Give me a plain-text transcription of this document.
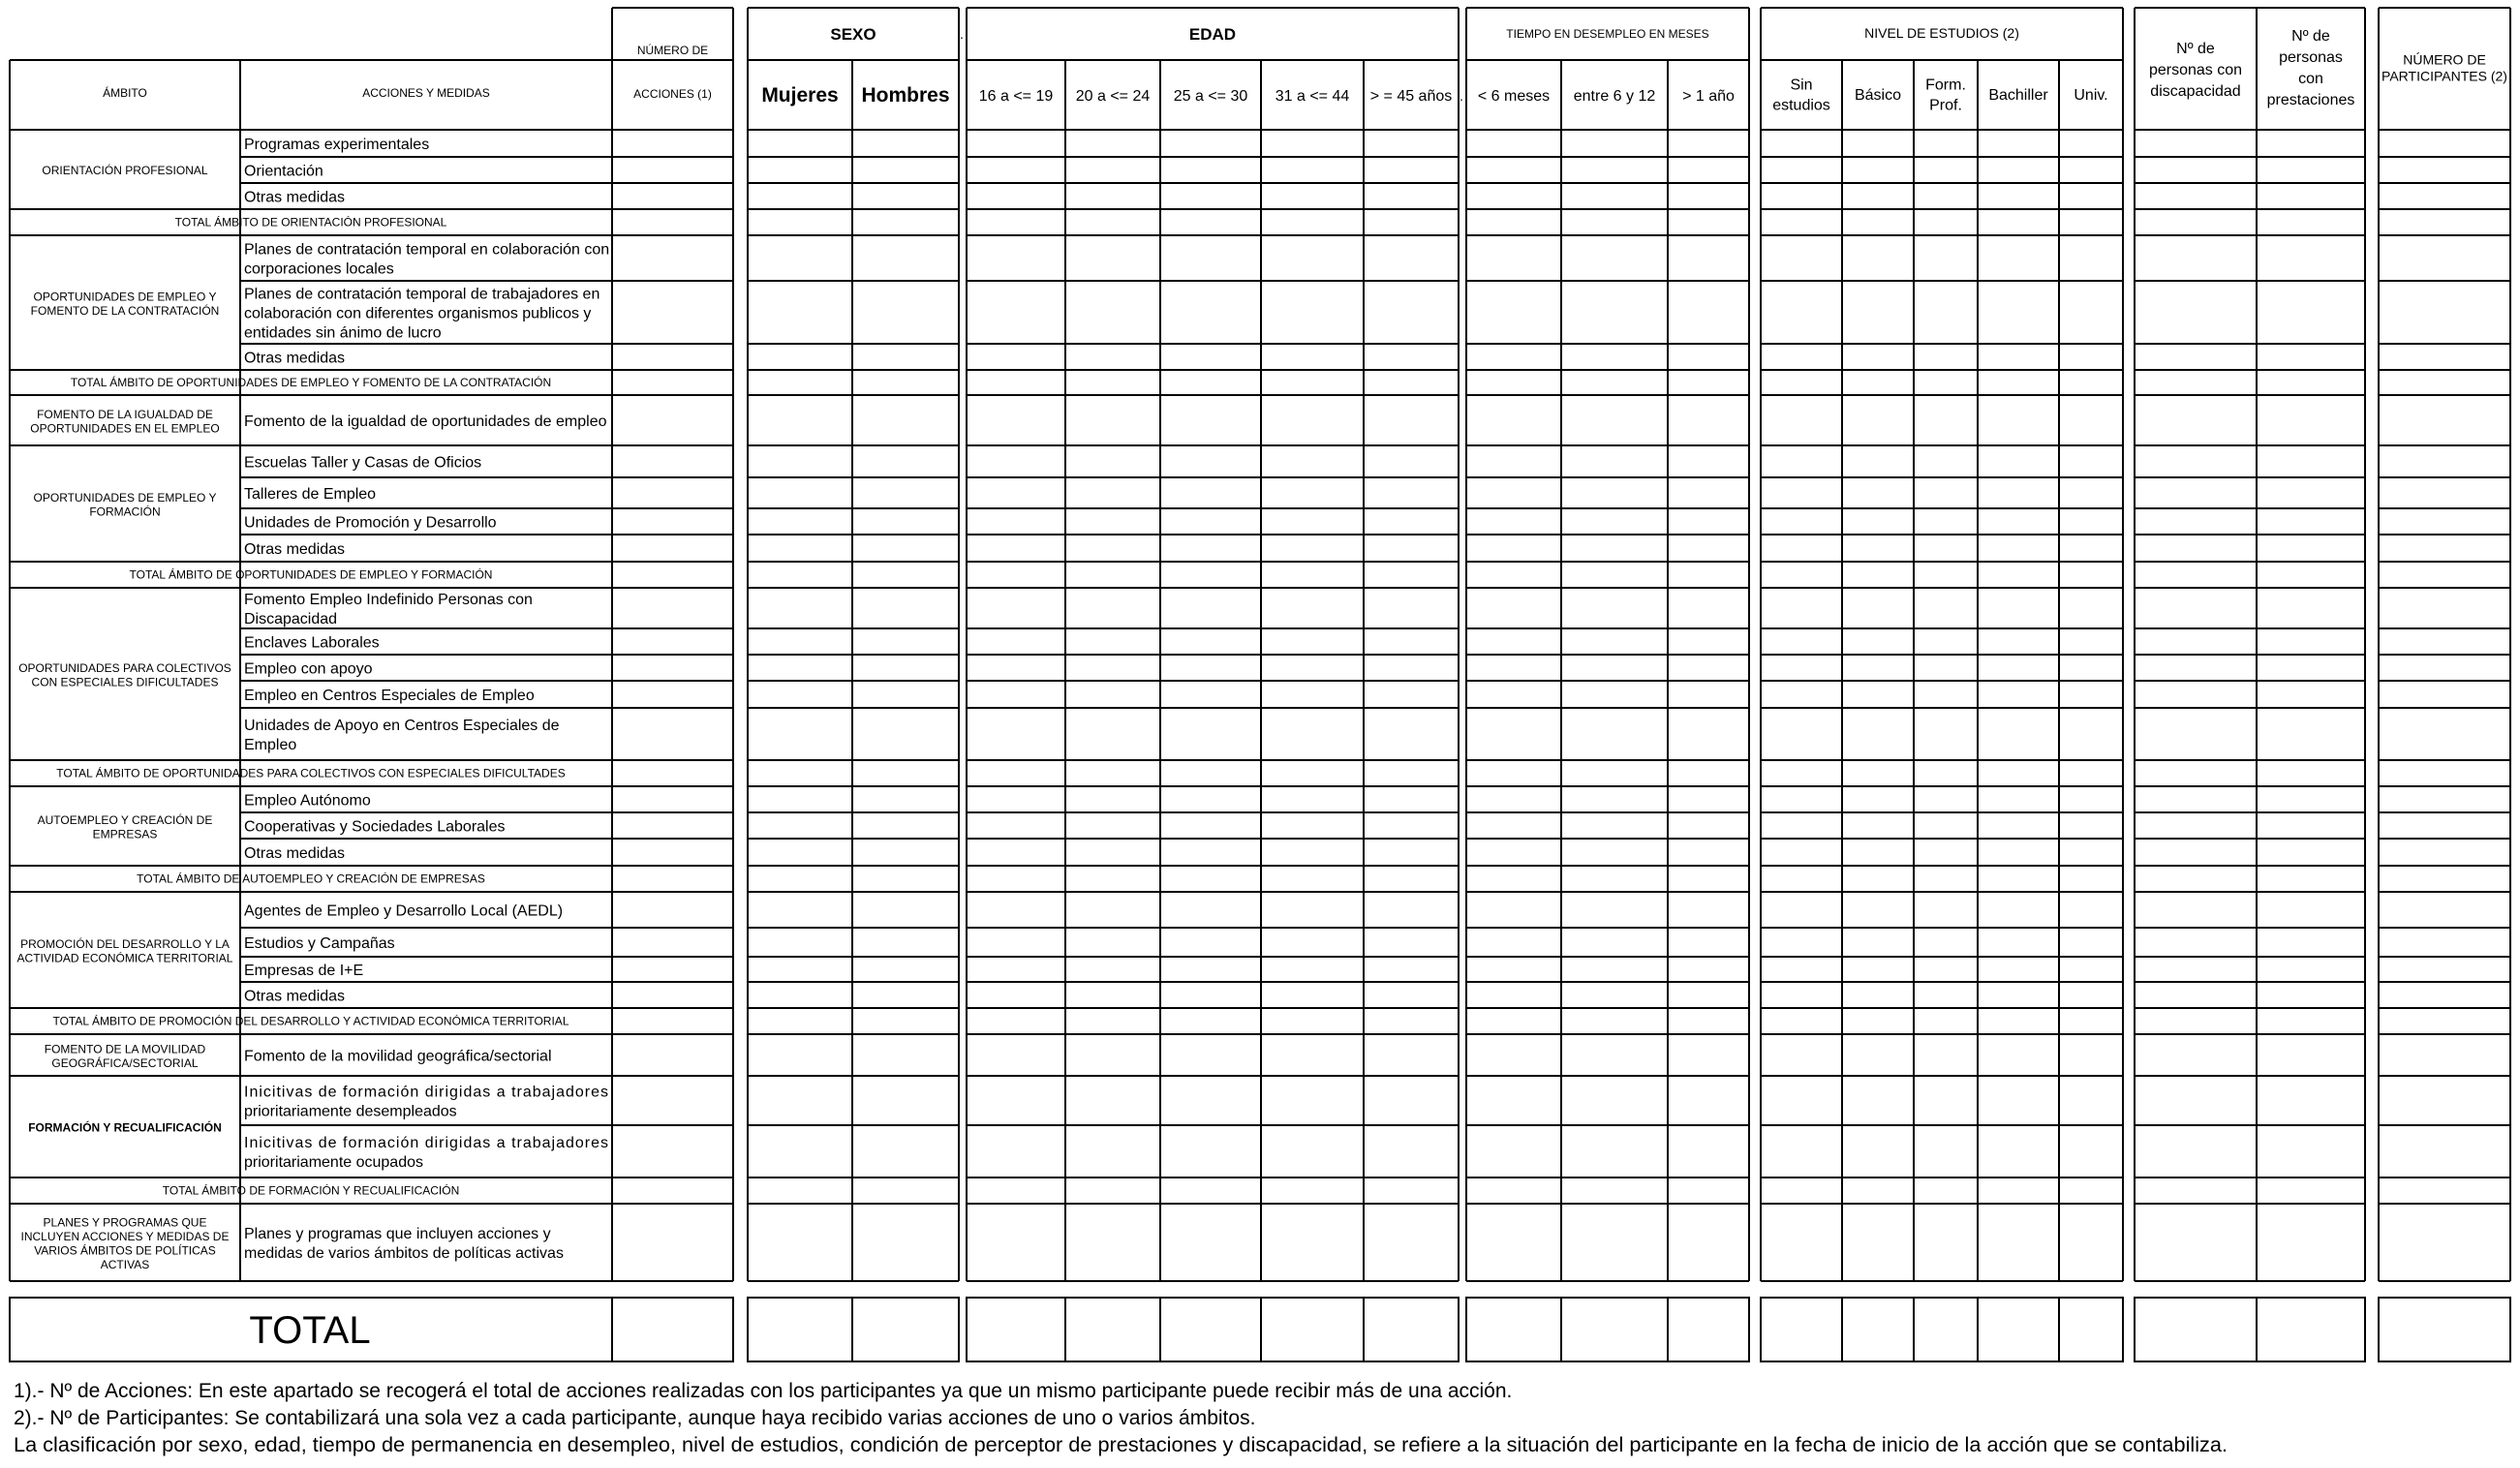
ÁMBITO	ACCIONES Y MEDIDAS
NÚMERO DE
ACCIONES (1)
SEXO
Mujeres Hombres
EDAD
16 a <= 19 20 a <= 24 25 a <= 30 31 a <= 44 > = 45 años
TIEMPO EN DESEMPLEO EN MESES
< 6 meses entre 6 y 12 > 1 año
NIVEL DE ESTUDIOS (2)
Sin
estudios
Básico
Form.
Prof.
Bachiller Univ.
Nº de
personas con
discapacidad
Nº de
personas
con
prestaciones
NÚMERO DE
PARTICIPANTES (2)
ORIENTACIÓN PROFESIONAL
Programas experimentales
Orientación
Otras medidas
TOTAL ÁMBITO DE ORIENTACIÓN PROFESIONAL
OPORTUNIDADES DE EMPLEO Y
FOMENTO DE LA CONTRATACIÓN
Planes de contratación temporal en colaboración con
corporaciones locales
Planes de contratación temporal de trabajadores en
colaboración con diferentes organismos publicos y
entidades sin ánimo de lucro
Otras medidas
TOTAL ÁMBITO DE OPORTUNIDADES DE EMPLEO Y FOMENTO DE LA CONTRATACIÓN
FOMENTO DE LA IGUALDAD DE
OPORTUNIDADES EN EL EMPLEO Fomento de la igualdad de oportunidades de empleo
OPORTUNIDADES DE EMPLEO Y
FORMACIÓN
Escuelas Taller y Casas de Oficios
Talleres de Empleo
Unidades de Promoción y Desarrollo
Otras medidas
TOTAL ÁMBITO DE OPORTUNIDADES DE EMPLEO Y FORMACIÓN
OPORTUNIDADES PARA COLECTIVOS
CON ESPECIALES DIFICULTADES
Fomento Empleo Indefinido Personas con
Discapacidad
Enclaves Laborales
Empleo con apoyo
Empleo en Centros Especiales de Empleo
Unidades de Apoyo en Centros Especiales de
Empleo
TOTAL ÁMBITO DE OPORTUNIDADES PARA COLECTIVOS CON ESPECIALES DIFICULTADES
AUTOEMPLEO Y CREACIÓN DE
EMPRESAS
Empleo Autónomo
Cooperativas y Sociedades Laborales
Otras medidas
TOTAL ÁMBITO DE AUTOEMPLEO Y CREACIÓN DE EMPRESAS
PROMOCIÓN DEL DESARROLLO Y LA
ACTIVIDAD ECONÓMICA TERRITORIAL
Agentes de Empleo y Desarrollo Local (AEDL)
Estudios y Campañas
Empresas de I+E
Otras medidas
TOTAL ÁMBITO DE PROMOCIÓN DEL DESARROLLO Y ACTIVIDAD ECONÓMICA TERRITORIAL
FOMENTO DE LA MOVILIDAD
GEOGRÁFICA/SECTORIAL	Fomento de la movilidad geográfica/sectorial
FORMACIÓN Y RECUALIFICACIÓN
Inicitivas de formación dirigidas a trabajadores
prioritariamente desempleados
Inicitivas de formación dirigidas a trabajadores
prioritariamente ocupados
TOTAL ÁMBITO DE FORMACIÓN Y RECUALIFICACIÓN
PLANES Y PROGRAMAS QUE
INCLUYEN ACCIONES Y MEDIDAS DE
VARIOS ÁMBITOS DE POLÍTICAS
ACTIVAS
Planes y programas que incluyen acciones y
medidas de varios ámbitos de políticas activas
TOTAL
1).- Nº de Acciones: En este apartado se recogerá el total de acciones realizadas con los participantes ya que un mismo participante puede recibir más de una acción.
2).- Nº de Participantes: Se contabilizará una sola vez a cada participante, aunque haya recibido varias acciones de uno o varios ámbitos.
La clasificación por sexo, edad, tiempo de permanencia en desempleo, nivel de estudios, condición de perceptor de prestaciones y discapacidad, se refiere a la situación del participante en la fecha de inicio de la acción que se contabiliza.
.
.
